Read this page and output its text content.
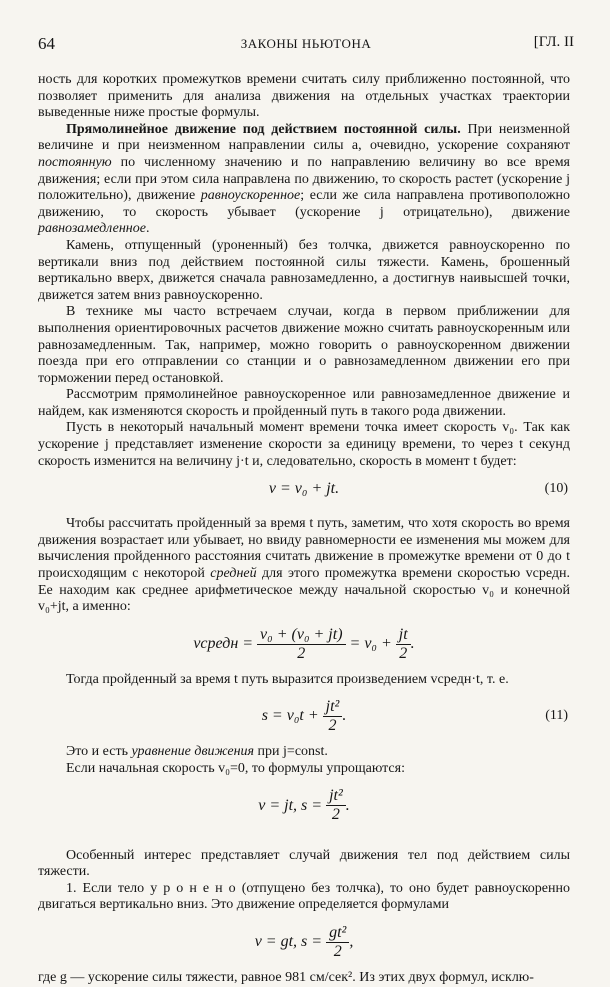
64	ЗАКОНЫ НЬЮТОНА	[ГЛ. II

ность для коротких промежутков времени считать силу приближенно постоянной, что позволяет применить для анализа движения на отдельных участках траектории выведенные ниже простые формулы.

Прямолинейное движение под действием постоянной силы. При неизменной величине и при неизменном направлении силы a, очевидно, ускорение сохраняют постоянную по численному значению и по направлению величину во все время движения; если при этом сила направлена по движению, то скорость растет (ускорение j положительно), движение равноускоренное; если же сила направлена противоположно движению, то скорость убывает (ускорение j отрицательно), движение равнозамедленное.

Камень, отпущенный (уроненный) без толчка, движется равноускоренно по вертикали вниз под действием постоянной силы тяжести. Камень, брошенный вертикально вверх, движется сначала равнозамедленно, а достигнув наивысшей точки, движется затем вниз равноускоренно.

В технике мы часто встречаем случаи, когда в первом приближении для выполнения ориентировочных расчетов движение можно считать равноускоренным или равнозамедленным. Так, например, можно говорить о равноускоренном движении поезда при его отправлении со станции и о равнозамедленном движении его при торможении перед остановкой.

Рассмотрим прямолинейное равноускоренное или равнозамедленное движение и найдем, как изменяются скорость и пройденный путь в такого рода движении.

Пусть в некоторый начальный момент времени точка имеет скорость v₀. Так как ускорение j представляет изменение скорости за единицу времени, то через t секунд скорость изменится на величину j·t и, следовательно, скорость в момент t будет:

v = v₀ + jt.	(10)

Чтобы рассчитать пройденный за время t путь, заметим, что хотя скорость во время движения возрастает или убывает, но ввиду равномерности ее изменения мы можем для вычисления пройденного расстояния считать движение в промежутке времени от 0 до t происходящим с некоторой средней для этого промежутка времени скоростью vсредн. Ее находим как среднее арифметическое между начальной скоростью v₀ и конечной v₀+jt, а именно:

vсредн = $\frac{\text{v₀ + (v₀ + jt)}}{2} = v_0 + \frac{jt}{2}$ .

Тогда пройденный за время t путь выразится произведением vсредн·t, т. е.

$s = v_0t + \frac{\text{jt²}}{2}$ .	(11)

Это и есть уравнение движения при j=const.

Если начальная скорость v₀=0, то формулы упрощаются:

v = jt, $s = \frac{\text{jt²}}{2}$ .

Особенный интерес представляет случай движения тел под действием силы тяжести.

1. Если тело у р о н е н о (отпущено без толчка), то оно будет равноускоренно двигаться вертикально вниз. Это движение определяется формулами

v = gt, $s = \frac{\text{gt²}}{2}$ ,

где g — ускорение силы тяжести, равное 981 см/сек². Из этих двух формул, исклю-
